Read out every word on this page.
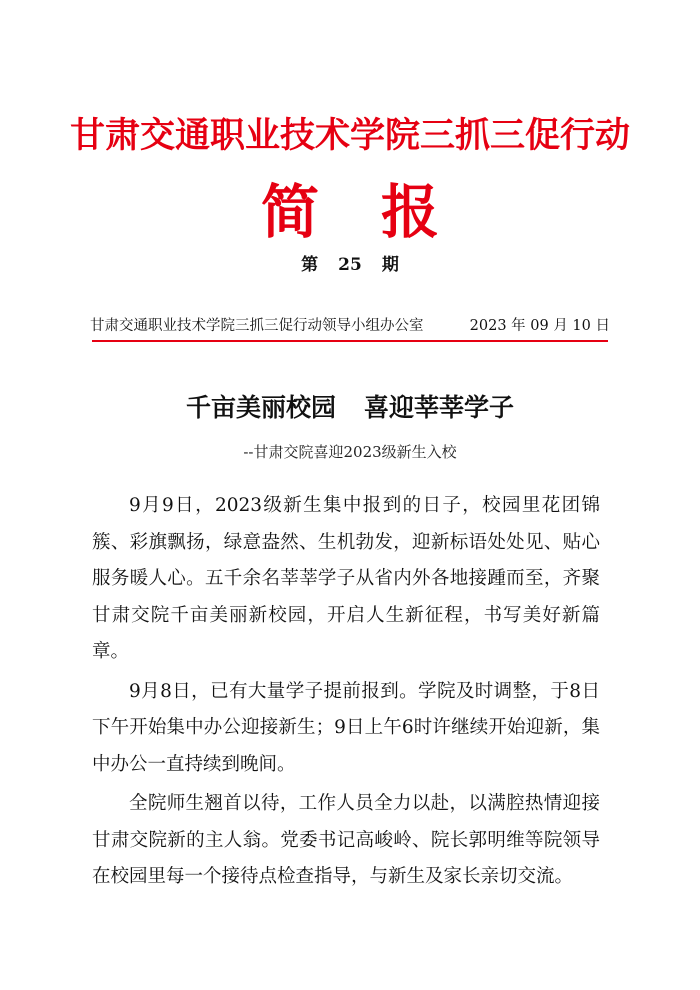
甘肃交通职业技术学院三抓三促行动
简 报
第 25 期
甘肃交通职业技术学院三抓三促行动领导小组办公室	2023 年 09 月 10 日
千亩美丽校园 喜迎莘莘学子
--甘肃交院喜迎2023级新生入校

9月9日，2023级新生集中报到的日子，校园里花团锦簇、彩旗飘扬，绿意盎然、生机勃发，迎新标语处处见、贴心服务暖人心。五千余名莘莘学子从省内外各地接踵而至，齐聚甘肃交院千亩美丽新校园，开启人生新征程，书写美好新篇章。

9月8日，已有大量学子提前报到。学院及时调整，于8日下午开始集中办公迎接新生；9日上午6时许继续开始迎新，集中办公一直持续到晚间。

全院师生翘首以待，工作人员全力以赴，以满腔热情迎接甘肃交院新的主人翁。党委书记高峻岭、院长郭明维等院领导在校园里每一个接待点检查指导，与新生及家长亲切交流。
